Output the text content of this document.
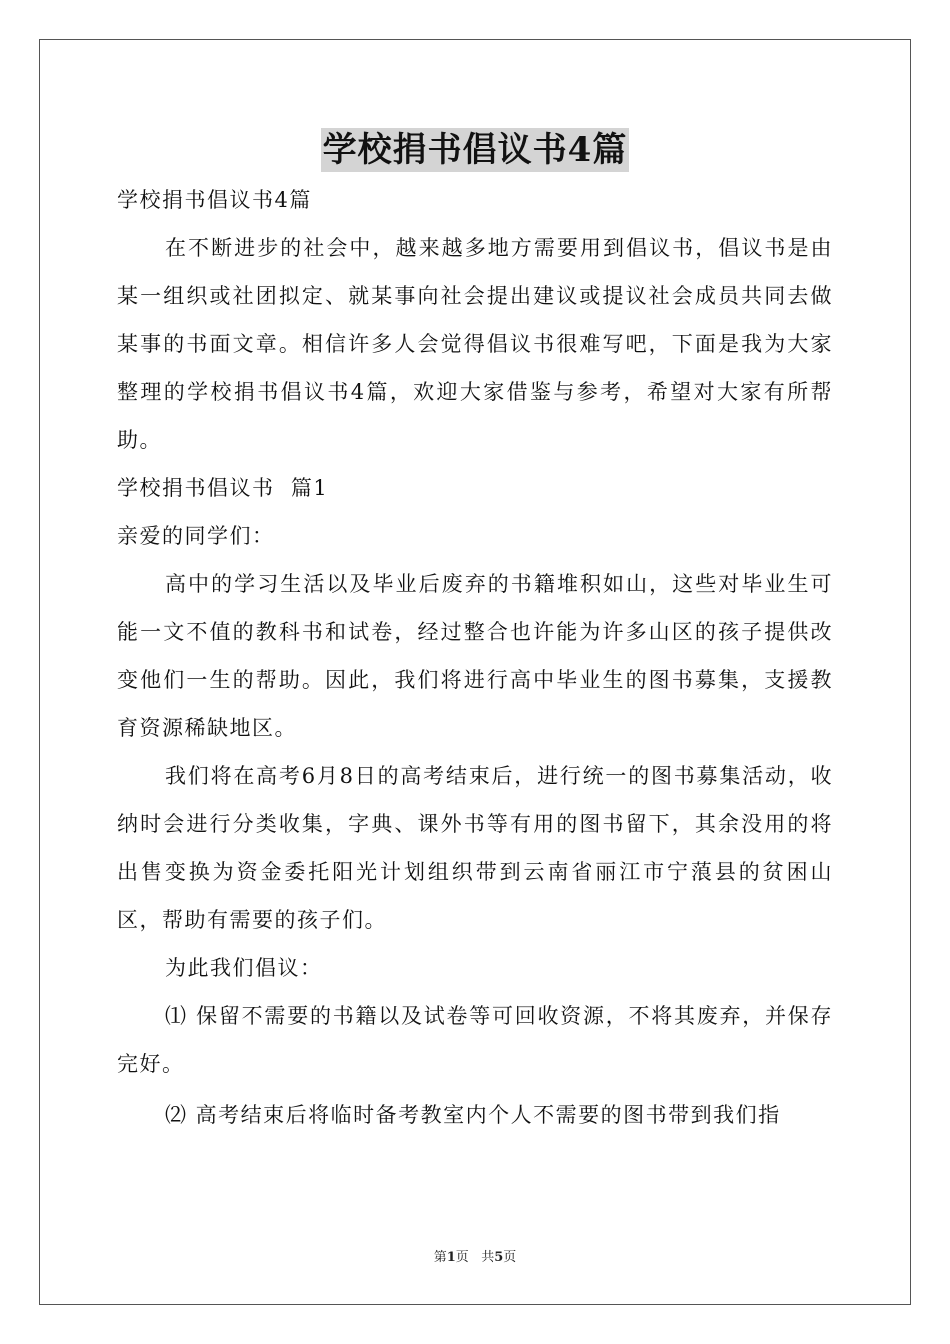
学校捐书倡议书4篇

学校捐书倡议书4篇

在不断进步的社会中，越来越多地方需要用到倡议书，倡议书是由某一组织或社团拟定、就某事向社会提出建议或提议社会成员共同去做某事的书面文章。相信许多人会觉得倡议书很难写吧，下面是我为大家整理的学校捐书倡议书4篇，欢迎大家借鉴与参考，希望对大家有所帮助。

学校捐书倡议书  篇1

亲爱的同学们：

高中的学习生活以及毕业后废弃的书籍堆积如山，这些对毕业生可能一文不值的教科书和试卷，经过整合也许能为许多山区的孩子提供改变他们一生的帮助。因此，我们将进行高中毕业生的图书募集，支援教育资源稀缺地区。

我们将在高考6月8日的高考结束后，进行统一的图书募集活动，收纳时会进行分类收集，字典、课外书等有用的图书留下，其余没用的将出售变换为资金委托阳光计划组织带到云南省丽江市宁蒗县的贫困山区，帮助有需要的孩子们。

为此我们倡议：

⑴ 保留不需要的书籍以及试卷等可回收资源，不将其废弃，并保存完好。

⑵ 高考结束后将临时备考教室内个人不需要的图书带到我们指

第1页   共5页
